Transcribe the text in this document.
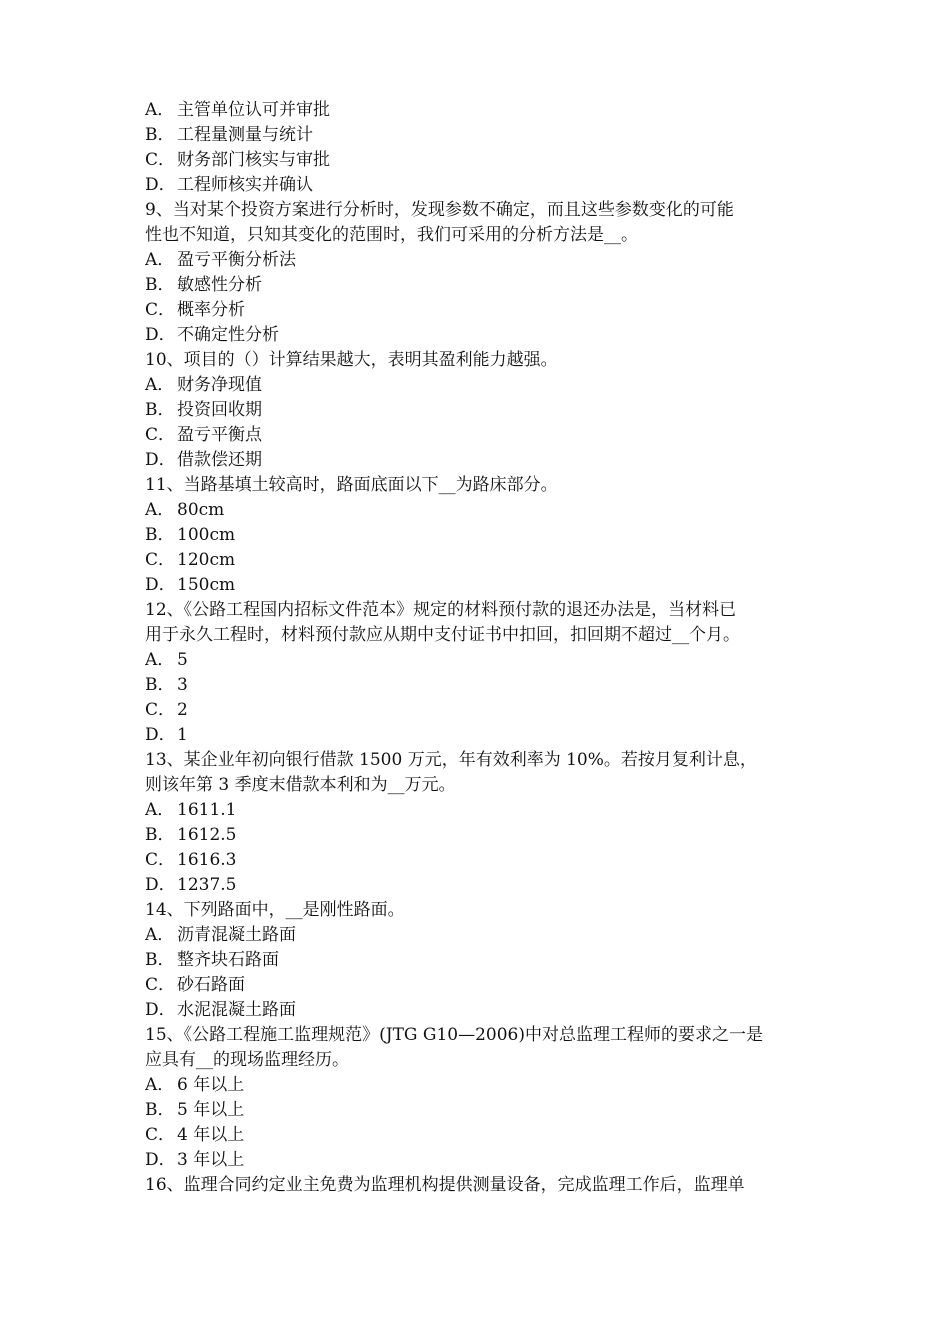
A． 主管单位认可并审批
B． 工程量测量与统计
C． 财务部门核实与审批
D．工程师核实并确认
9、当对某个投资方案进行分析时，发现参数不确定，而且这些参数变化的可能
性也不知道，只知其变化的范围时，我们可采用的分析方法是__。
A． 盈亏平衡分析法
B． 敏感性分析
C． 概率分析
D．不确定性分析
10、项目的（）计算结果越大，表明其盈利能力越强。
A． 财务净现值
B． 投资回收期
C． 盈亏平衡点
D．借款偿还期
11、当路基填土较高时，路面底面以下__为路床部分。
A． 80cm
B． 100cm
C． 120cm
D．150cm
12、《公路工程国内招标文件范本》规定的材料预付款的退还办法是，当材料已
用于永久工程时，材料预付款应从期中支付证书中扣回，扣回期不超过__个月。
A． 5
B． 3
C． 2
D．1
13、某企业年初向银行借款 1500 万元，年有效利率为 10%。若按月复利计息，
则该年第 3 季度末借款本利和为__万元。
A． 1611.1
B． 1612.5
C． 1616.3
D．1237.5
14、下列路面中，__是刚性路面。
A． 沥青混凝土路面
B． 整齐块石路面
C． 砂石路面
D．水泥混凝土路面
15、《公路工程施工监理规范》(JTG G10—2006)中对总监理工程师的要求之一是
应具有__的现场监理经历。
A． 6 年以上
B． 5 年以上
C． 4 年以上
D．3 年以上
16、监理合同约定业主免费为监理机构提供测量设备，完成监理工作后，监理单
